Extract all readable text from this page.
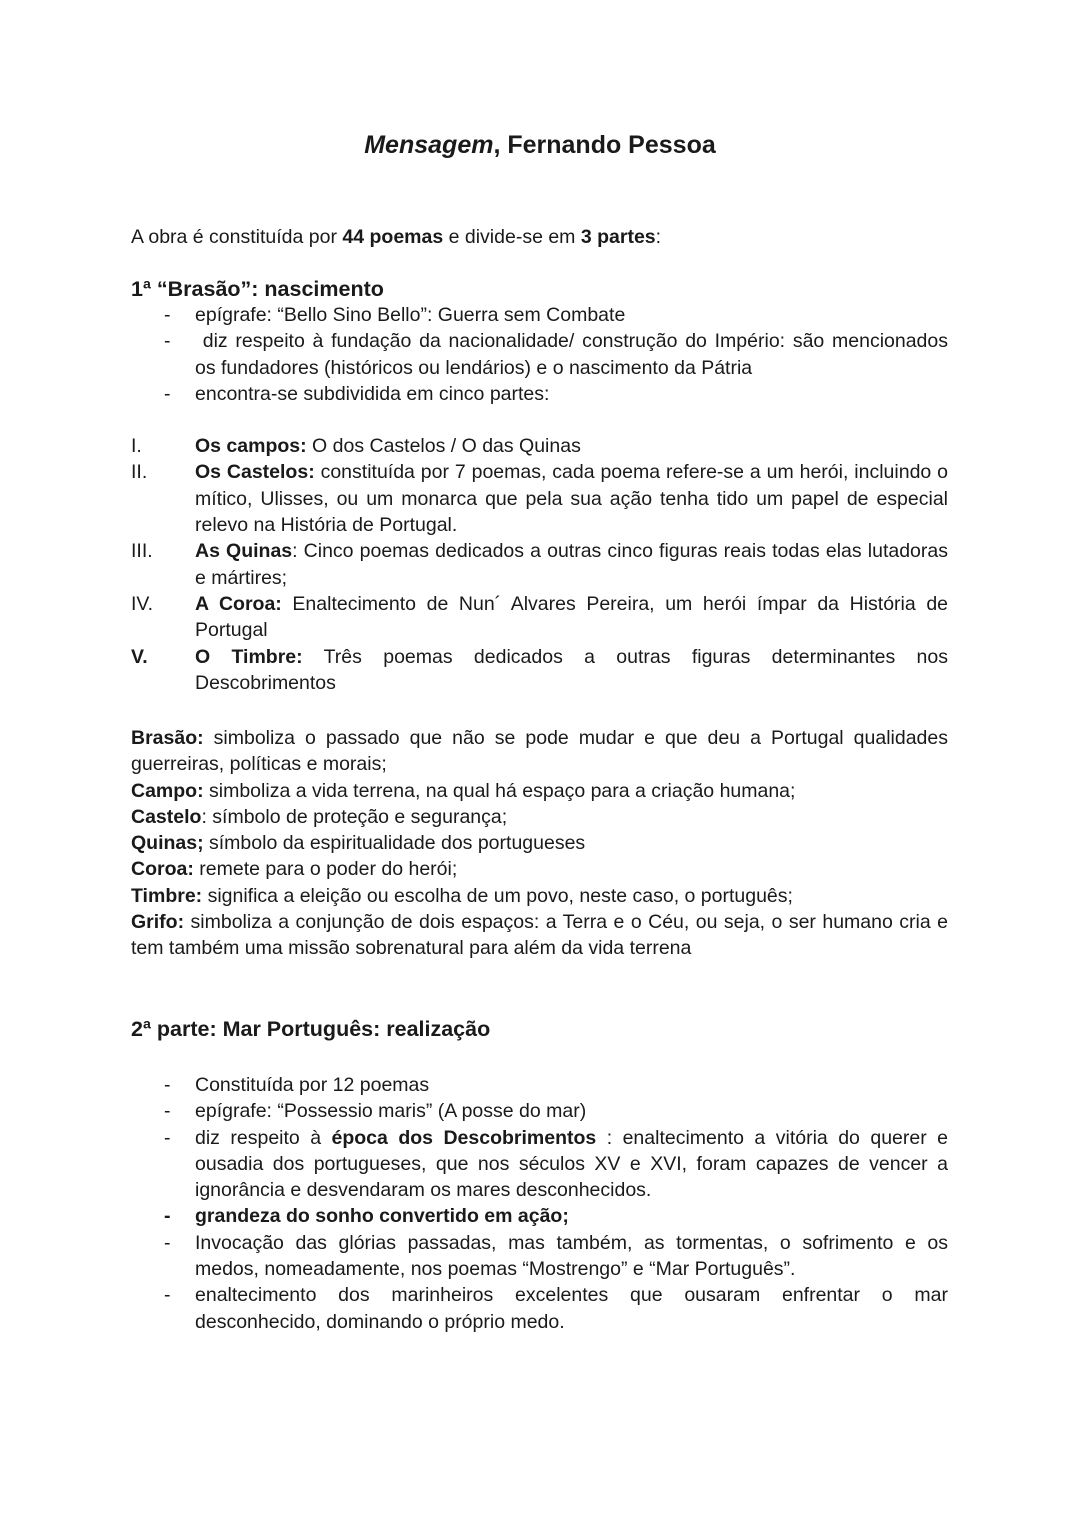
Mensagem, Fernando Pessoa
A obra é constituída por 44 poemas e divide-se em 3 partes:
1ª “Brasão”: nascimento
- epígrafe: “Bello Sino Bello”: Guerra sem Combate
-  diz respeito à fundação da nacionalidade/ construção do Império: são mencionados os fundadores (históricos ou lendários) e o nascimento da Pátria
- encontra-se subdividida em cinco partes:
I.	Os campos: O dos Castelos / O das Quinas
II.	Os Castelos: constituída por 7 poemas, cada poema refere-se a um herói, incluindo o mítico, Ulisses, ou um monarca que pela sua ação tenha tido um papel de especial relevo na História de Portugal.
III.	As Quinas: Cinco poemas dedicados a outras cinco figuras reais todas elas lutadoras e mártires;
IV.	A Coroa: Enaltecimento de Nun´ Alvares Pereira, um herói ímpar da História de Portugal
V.	O Timbre: Três poemas dedicados a outras figuras determinantes nos Descobrimentos
Brasão: simboliza o passado que não se pode mudar e que deu a Portugal qualidades guerreiras, políticas e morais;
Campo: simboliza a vida terrena, na qual há espaço para a criação humana;
Castelo: símbolo de proteção e segurança;
Quinas; símbolo da espiritualidade dos portugueses
Coroa: remete para o poder do herói;
Timbre: significa a eleição ou escolha de um povo, neste caso, o português;
Grifo: simboliza a conjunção de dois espaços: a Terra e o Céu, ou seja, o ser humano cria e tem também uma missão sobrenatural para além da vida terrena
2ª parte: Mar Português: realização
- Constituída por 12 poemas
- epígrafe: “Possessio maris” (A posse do mar)
- diz respeito à época dos Descobrimentos : enaltecimento a vitória do querer e ousadia dos portugueses, que nos séculos XV e XVI, foram capazes de vencer a ignorância e desvendaram os mares desconhecidos.
- grandeza do sonho convertido em ação;
- Invocação das glórias passadas, mas também, as tormentas, o sofrimento e os medos, nomeadamente, nos poemas “Mostrengo” e “Mar Português”.
- enaltecimento dos marinheiros excelentes que ousaram enfrentar o mar desconhecido, dominando o próprio medo.
